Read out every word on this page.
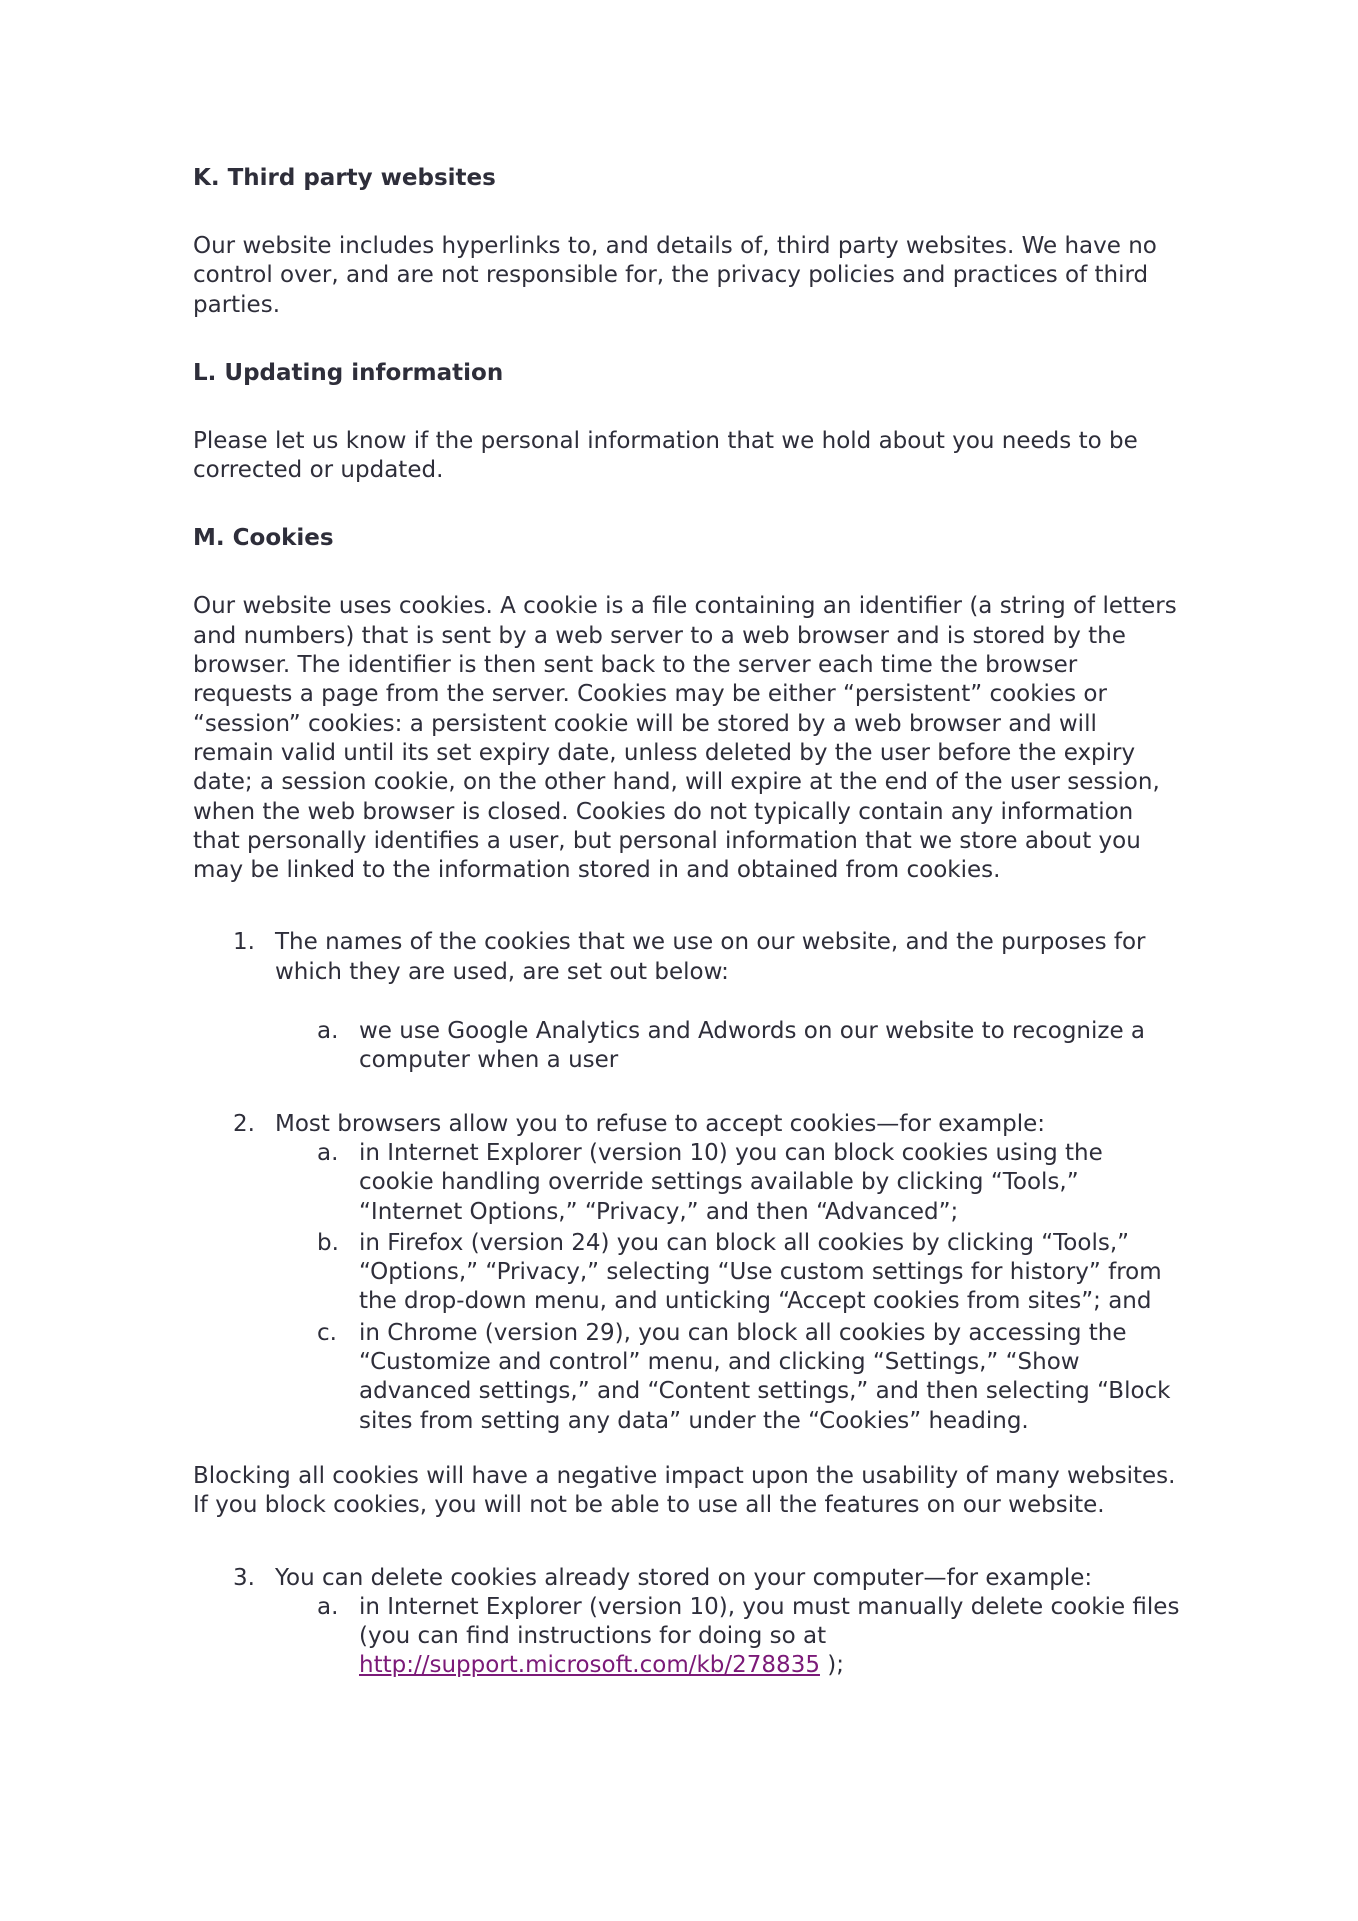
K. Third party websites

Our website includes hyperlinks to, and details of, third party websites. We have no control over, and are not responsible for, the privacy policies and practices of third parties.

L. Updating information

Please let us know if the personal information that we hold about you needs to be corrected or updated.

M. Cookies

Our website uses cookies. A cookie is a file containing an identifier (a string of letters and numbers) that is sent by a web server to a web browser and is stored by the browser. The identifier is then sent back to the server each time the browser requests a page from the server. Cookies may be either “persistent” cookies or “session” cookies: a persistent cookie will be stored by a web browser and will remain valid until its set expiry date, unless deleted by the user before the expiry date; a session cookie, on the other hand, will expire at the end of the user session, when the web browser is closed. Cookies do not typically contain any information that personally identifies a user, but personal information that we store about you may be linked to the information stored in and obtained from cookies.

1. The names of the cookies that we use on our website, and the purposes for which they are used, are set out below:
a. we use Google Analytics and Adwords on our website to recognize a computer when a user
2. Most browsers allow you to refuse to accept cookies—for example:
a. in Internet Explorer (version 10) you can block cookies using the cookie handling override settings available by clicking “Tools,” “Internet Options,” “Privacy,” and then “Advanced”;
b. in Firefox (version 24) you can block all cookies by clicking “Tools,” “Options,” “Privacy,” selecting “Use custom settings for history” from the drop-down menu, and unticking “Accept cookies from sites”; and
c. in Chrome (version 29), you can block all cookies by accessing the “Customize and control” menu, and clicking “Settings,” “Show advanced settings,” and “Content settings,” and then selecting “Block sites from setting any data” under the “Cookies” heading.

Blocking all cookies will have a negative impact upon the usability of many websites. If you block cookies, you will not be able to use all the features on our website.

3. You can delete cookies already stored on your computer—for example:
a. in Internet Explorer (version 10), you must manually delete cookie files (you can find instructions for doing so at http://support.microsoft.com/kb/278835 );
